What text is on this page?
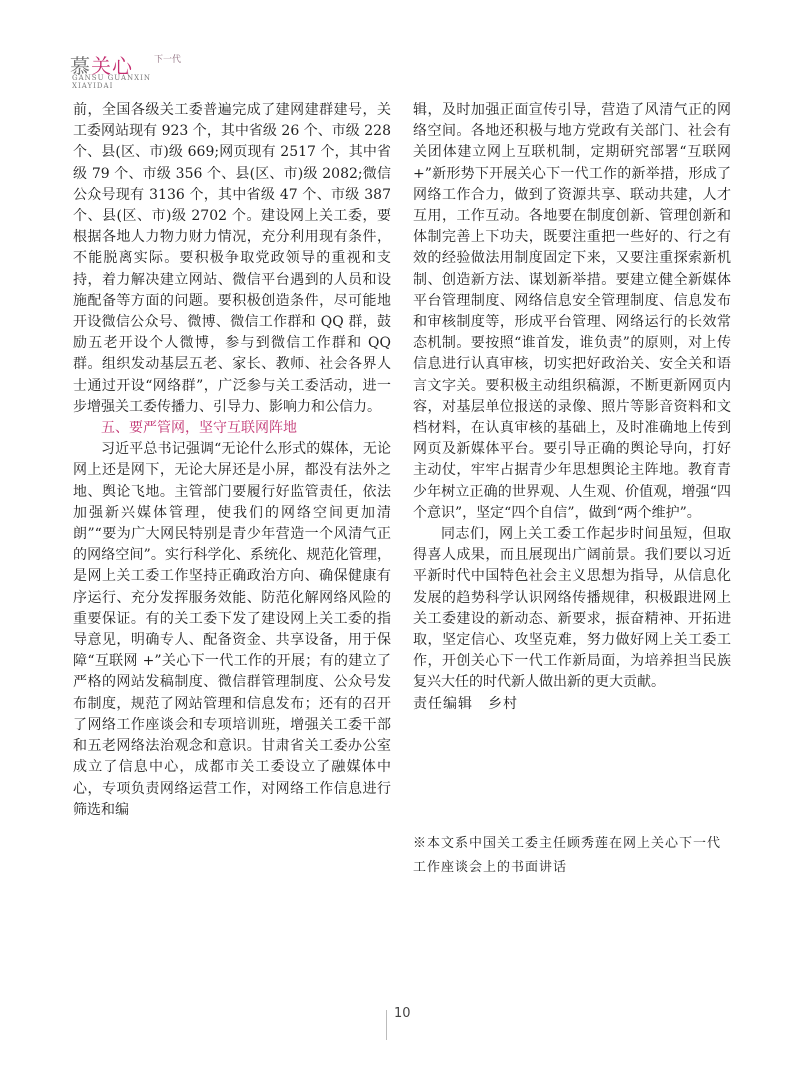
慕关心 下一代
GANSU GUANXIN
XIAYIDAI

前，全国各级关工委普遍完成了建网建群建号，关工委网站现有 923 个，其中省级 26 个、市级 228 个、县(区、市)级 669;网页现有 2517 个，其中省级 79 个、市级 356 个、县(区、市)级 2082;微信公众号现有 3136 个，其中省级 47 个、市级 387 个、县(区、市)级 2702 个。建设网上关工委，要根据各地人力物力财力情况，充分利用现有条件，不能脱离实际。要积极争取党政领导的重视和支持，着力解决建立网站、微信平台遇到的人员和设施配备等方面的问题。要积极创造条件，尽可能地开设微信公众号、微博、微信工作群和 QQ 群，鼓励五老开设个人微博，参与到微信工作群和 QQ 群。组织发动基层五老、家长、教师、社会各界人士通过开设“网络群”，广泛参与关工委活动，进一步增强关工委传播力、引导力、影响力和公信力。

五、要严管网，坚守互联网阵地

习近平总书记强调“无论什么形式的媒体，无论网上还是网下，无论大屏还是小屏，都没有法外之地、舆论飞地。主管部门要履行好监管责任，依法加强新兴媒体管理，使我们的网络空间更加清朗”“要为广大网民特别是青少年营造一个风清气正的网络空间”。实行科学化、系统化、规范化管理，是网上关工委工作坚持正确政治方向、确保健康有序运行、充分发挥服务效能、防范化解网络风险的重要保证。有的关工委下发了建设网上关工委的指导意见，明确专人、配备资金、共享设备，用于保障“互联网 +”关心下一代工作的开展；有的建立了严格的网站发稿制度、微信群管理制度、公众号发布制度，规范了网站管理和信息发布；还有的召开了网络工作座谈会和专项培训班，增强关工委干部和五老网络法治观念和意识。甘肃省关工委办公室成立了信息中心，成都市关工委设立了融媒体中心，专项负责网络运营工作，对网络工作信息进行筛选和编

辑，及时加强正面宣传引导，营造了风清气正的网络空间。各地还积极与地方党政有关部门、社会有关团体建立网上互联机制，定期研究部署“互联网 +”新形势下开展关心下一代工作的新举措，形成了网络工作合力，做到了资源共享、联动共建，人才互用，工作互动。各地要在制度创新、管理创新和体制完善上下功夫，既要注重把一些好的、行之有效的经验做法用制度固定下来，又要注重探索新机制、创造新方法、谋划新举措。要建立健全新媒体平台管理制度、网络信息安全管理制度、信息发布和审核制度等，形成平台管理、网络运行的长效常态机制。要按照“谁首发，谁负责”的原则，对上传信息进行认真审核，切实把好政治关、安全关和语言文字关。要积极主动组织稿源，不断更新网页内容，对基层单位报送的录像、照片等影音资料和文档材料，在认真审核的基础上，及时准确地上传到网页及新媒体平台。要引导正确的舆论导向，打好主动仗，牢牢占据青少年思想舆论主阵地。教育青少年树立正确的世界观、人生观、价值观，增强“四个意识”，坚定“四个自信”，做到“两个维护”。

同志们，网上关工委工作起步时间虽短，但取得喜人成果，而且展现出广阔前景。我们要以习近平新时代中国特色社会主义思想为指导，从信息化发展的趋势科学认识网络传播规律，积极跟进网上关工委建设的新动态、新要求，振奋精神、开拓进取，坚定信心、攻坚克难，努力做好网上关工委工作，开创关心下一代工作新局面，为培养担当民族复兴大任的时代新人做出新的更大贡献。

责任编辑　乡村

※本文系中国关工委主任顾秀莲在网上关心下一代工作座谈会上的书面讲话
10
